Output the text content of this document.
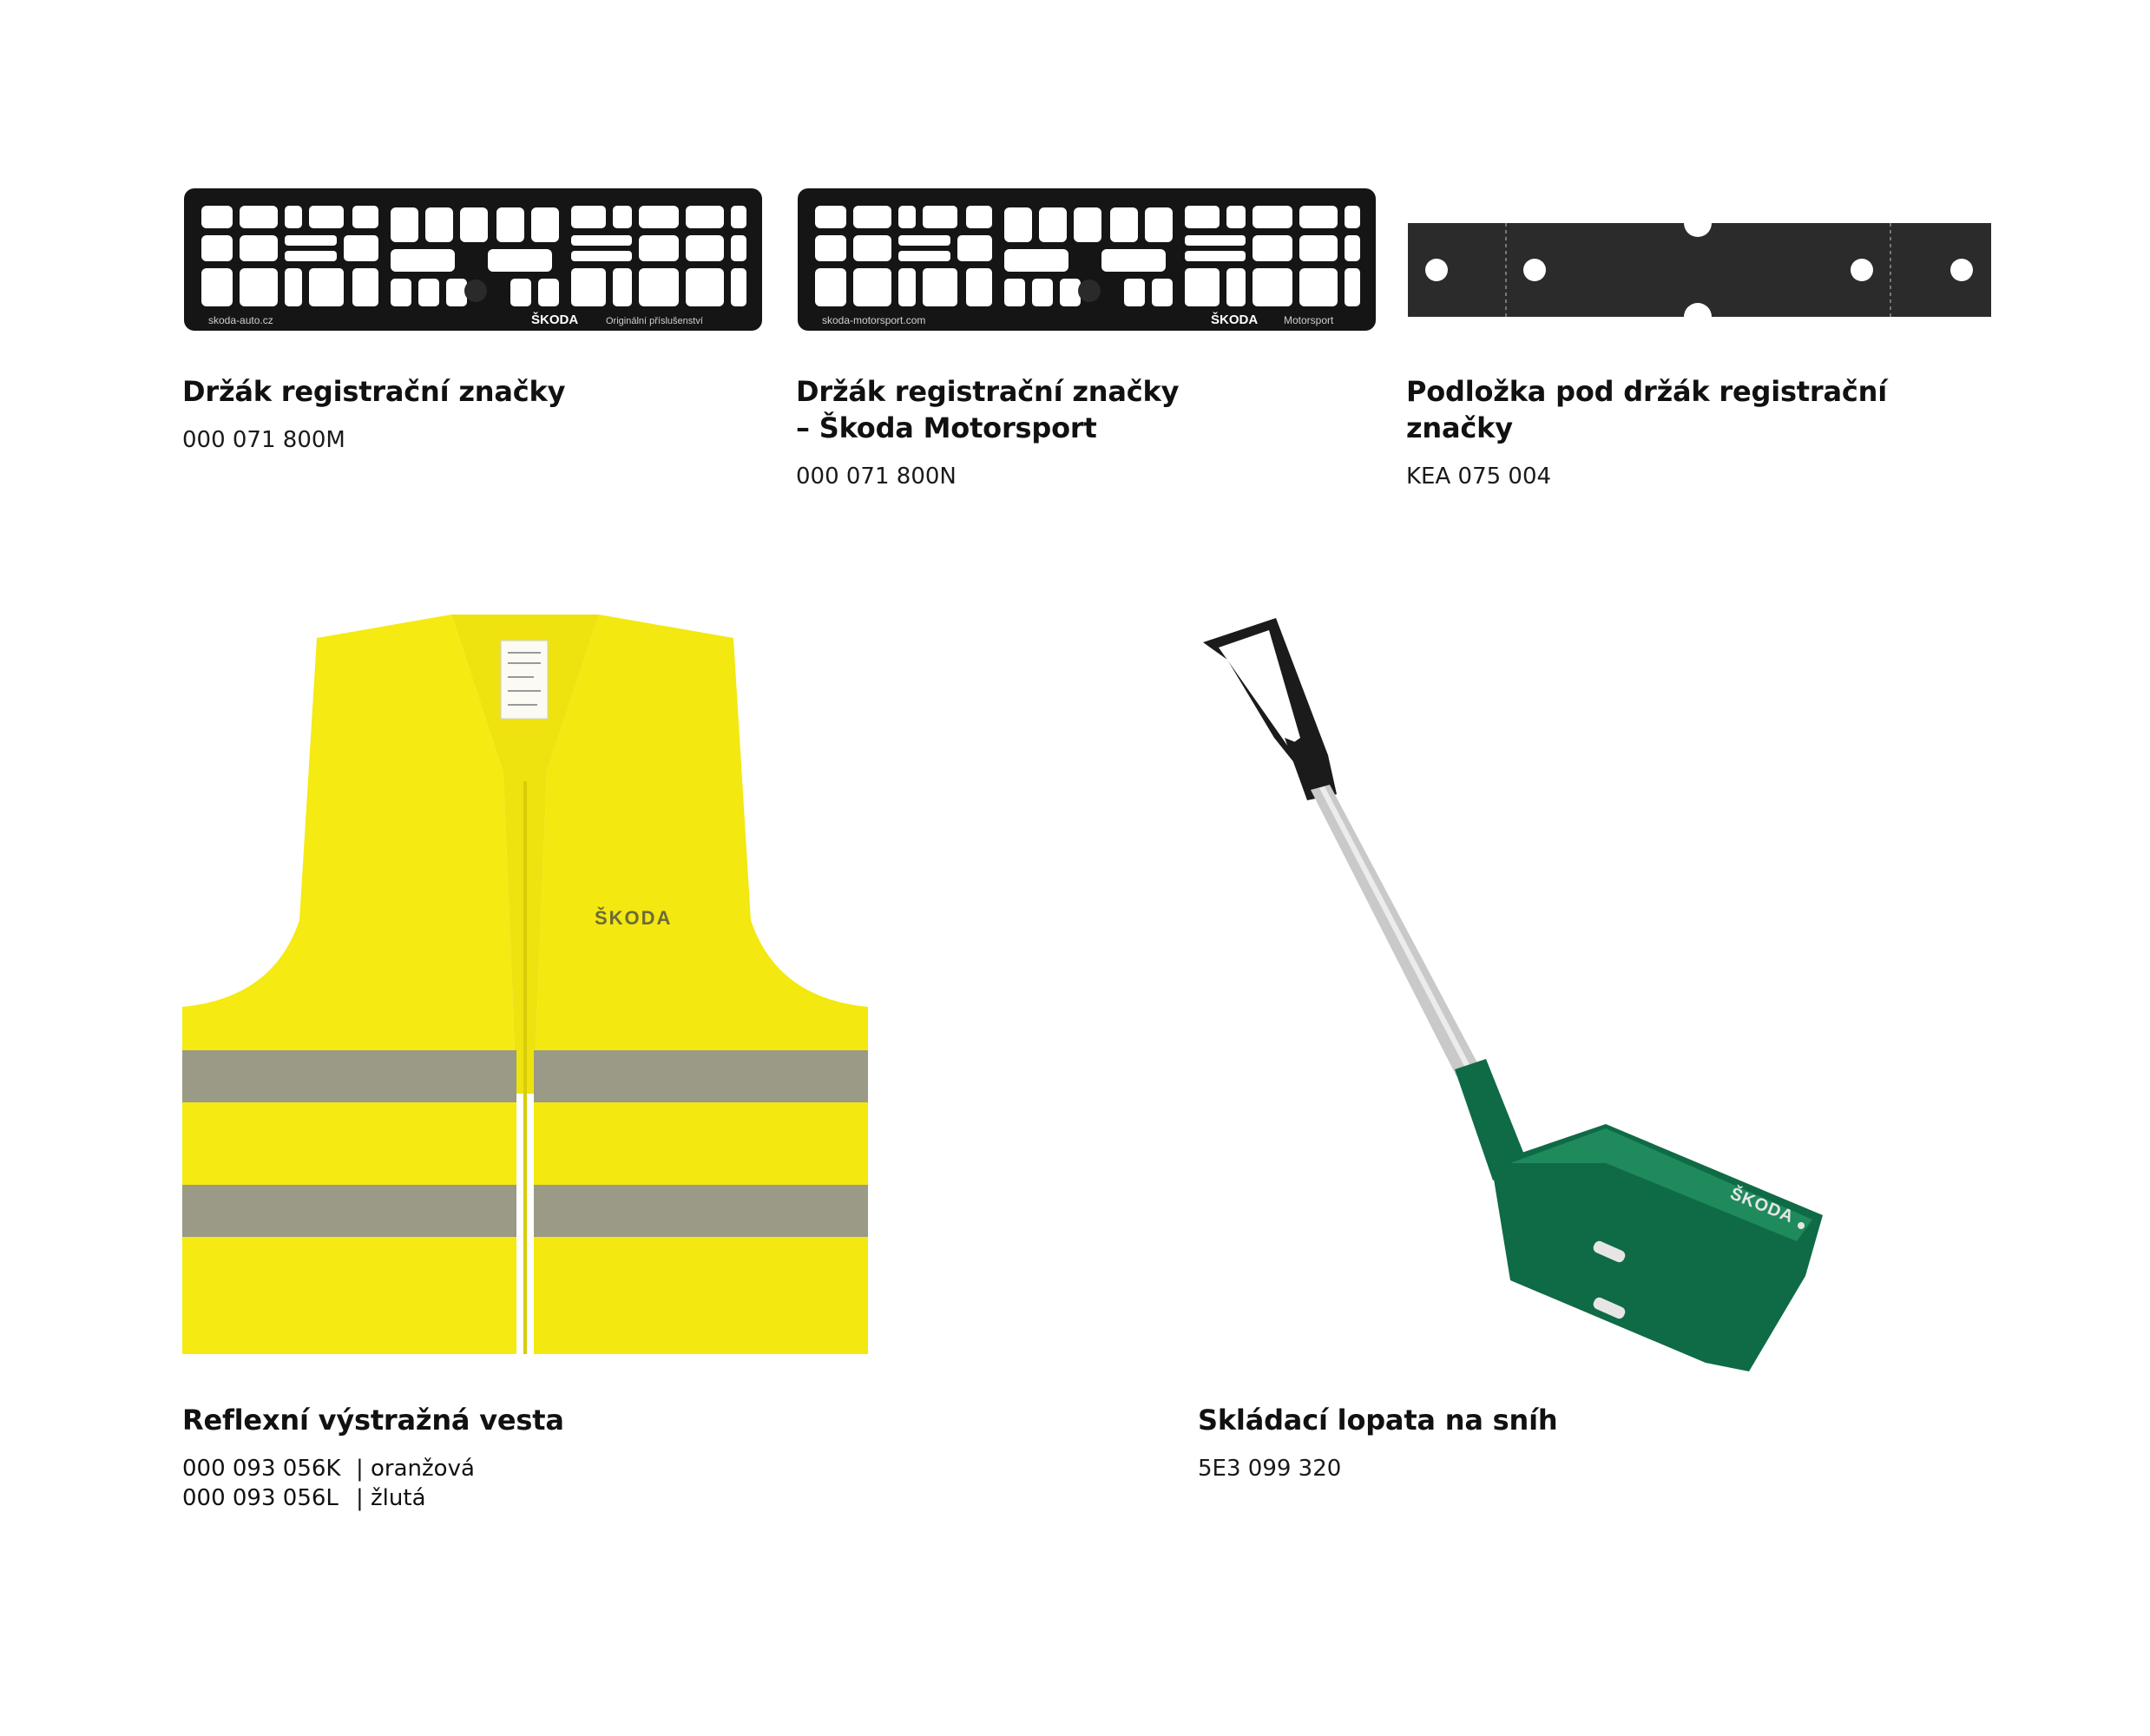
skoda-auto.cz	ŠKODA	Originální příslušenství
Držák registrační značky
000 071 800M
skoda-motorsport.com	ŠKODA Motorsport
Držák registrační značky
– Škoda Motorsport
000 071 800N
Podložka pod držák registrační značky
KEA 075 004
ŠKODA
Reflexní výstražná vesta
000 093 056K | oranžová
000 093 056L | žlutá
ŠKODA
Skládací lopata na sníh
5E3 099 320
